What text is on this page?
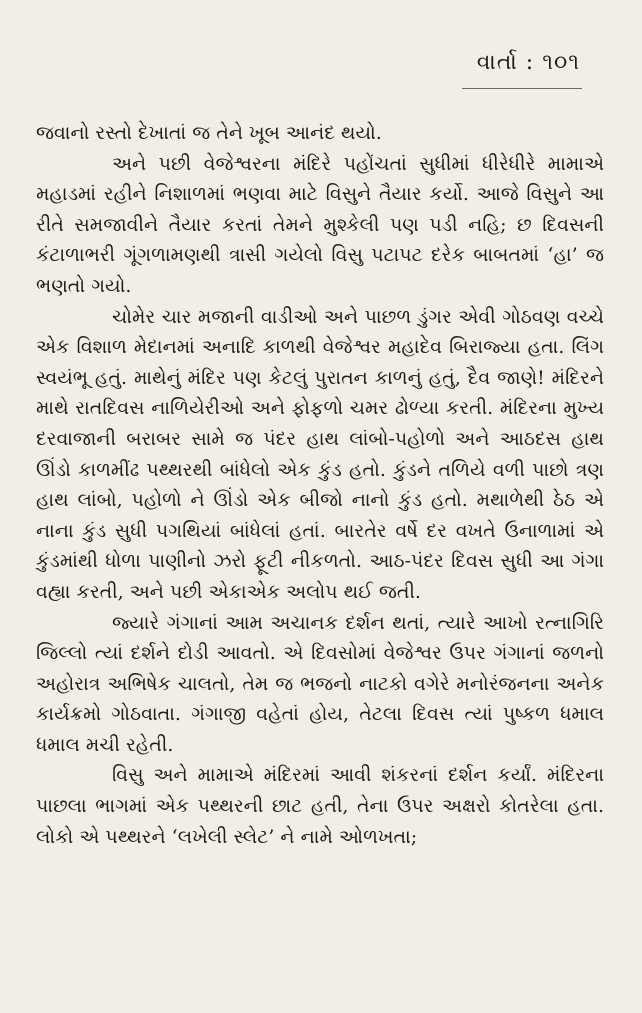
વાર્તા : ૧૦૧

જવાનો રસ્તો દેખાતાં જ તેને ખૂબ આનંદ થયો.

અને પછી વેજેશ્વરના મંદિરે પહોંચતાં સુધીમાં ધીરેધીરે મામાએ મહાડમાં રહીને નિશાળમાં ભણવા માટે વિસુને તૈયાર કર્યો. આજે વિસુને આ રીતે સમજાવીને તૈયાર કરતાં તેમને મુશ્કેલી પણ પડી નહિ; છ દિવસની કંટાળાભરી ગૂંગળામણથી ત્રાસી ગયેલો વિસુ પટાપટ દરેક બાબતમાં ‘હા’ જ ભણતો ગયો.

ચોમેર ચાર મજાની વાડીઓ અને પાછળ ડુંગર એવી ગોઠવણ વચ્ચે એક વિશાળ મેદાનમાં અનાદિ કાળથી વેજેશ્વર મહાદેવ બિરાજ્યા હતા. લિંગ સ્વયંભૂ હતું. માથેનું મંદિર પણ કેટલું પુરાતન કાળનું હતું, દૈવ જાણે! મંદિરને માથે રાતદિવસ નાળિયેરીઓ અને ફોફળો ચમર ઢોળ્યા કરતી. મંદિરના મુખ્ય દરવાજાની બરાબર સામે જ પંદર હાથ લાંબો-પહોળો અને આઠદસ હાથ ઊંડો કાળમીંઢ પથ્થરથી બાંધેલો એક કુંડ હતો. કુંડને તળિયે વળી પાછો ત્રણ હાથ લાંબો, પહોળો ને ઊંડો એક બીજો નાનો કુંડ હતો. મથાળેથી ઠેઠ એ નાના કુંડ સુધી પગથિયાં બાંધેલાં હતાં. બારતેર વર્ષે દર વખતે ઉનાળામાં એ કુંડમાંથી ધોળા પાણીનો ઝરો ફૂટી નીકળતો. આઠ-પંદર દિવસ સુધી આ ગંગા વહ્યા કરતી, અને પછી એકાએક અલોપ થઈ જતી.

જ્યારે ગંગાનાં આમ અચાનક દર્શન થતાં, ત્યારે આખો રત્નાગિરિ જિલ્લો ત્યાં દર્શને દોડી આવતો. એ દિવસોમાં વેજેશ્વર ઉપર ગંગાનાં જળનો અહોરાત્ર અભિષેક ચાલતો, તેમ જ ભજનો નાટકો વગેરે મનોરંજનના અનેક કાર્યક્રમો ગોઠવાતા. ગંગાજી વહેતાં હોય, તેટલા દિવસ ત્યાં પુષ્કળ ધમાલ ધમાલ મચી રહેતી.

વિસુ અને મામાએ મંદિરમાં આવી શંકરનાં દર્શન કર્યાં. મંદિરના પાછલા ભાગમાં એક પથ્થરની છાટ હતી, તેના ઉપર અક્ષરો કોતરેલા હતા. લોકો એ પથ્થરને ‘લખેલી સ્લેટ’ ને નામે ઓળખતા;
